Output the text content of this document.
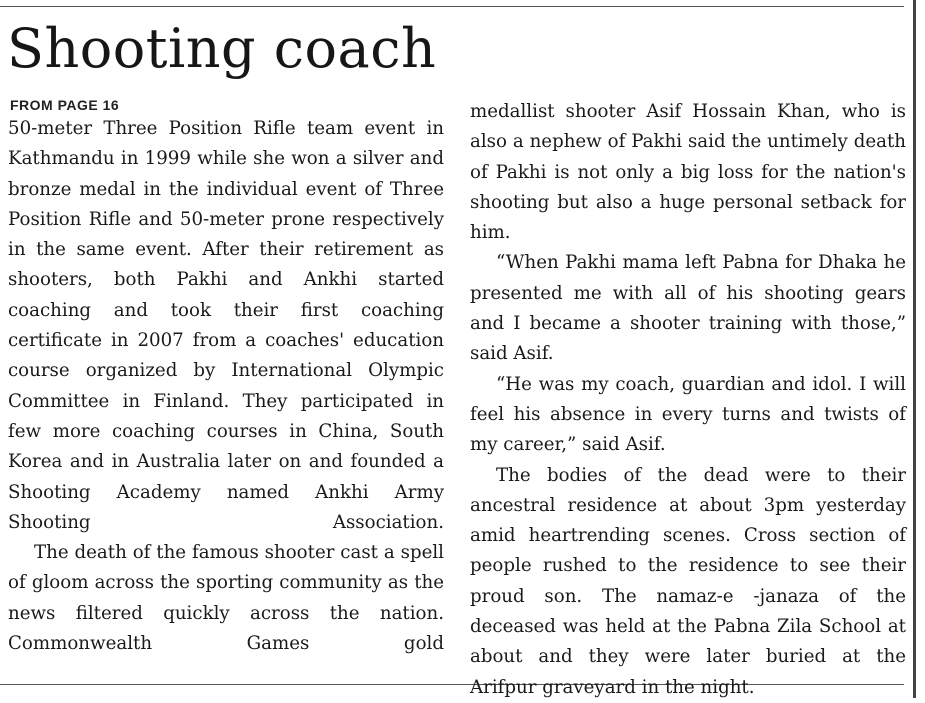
Shooting coach
FROM PAGE 16

50-meter Three Position Rifle team event in Kathmandu in 1999 while she won a silver and bronze medal in the individual event of Three Position Rifle and 50-meter prone respectively in the same event. After their retirement as shooters, both Pakhi and Ankhi started coaching and took their first coaching certificate in 2007 from a coaches' education course organized by International Olympic Committee in Finland. They participated in few more coaching courses in China, South Korea and in Australia later on and founded a Shooting Academy named Ankhi Army Shooting Association.

The death of the famous shooter cast a spell of gloom across the sporting community as the news filtered quickly across the nation. Commonwealth Games gold

medallist shooter Asif Hossain Khan, who is also a nephew of Pakhi said the untimely death of Pakhi is not only a big loss for the nation's shooting but also a huge personal setback for him.

“When Pakhi mama left Pabna for Dhaka he presented me with all of his shooting gears and I became a shooter training with those,” said Asif.

“He was my coach, guardian and idol. I will feel his absence in every turns and twists of my career,” said Asif.

The bodies of the dead were to their ancestral residence at about 3pm yesterday amid heartrending scenes. Cross section of people rushed to the residence to see their proud son. The namaz-e -janaza of the deceased was held at the Pabna Zila School at about and they were later buried at the Arifpur graveyard in the night.
